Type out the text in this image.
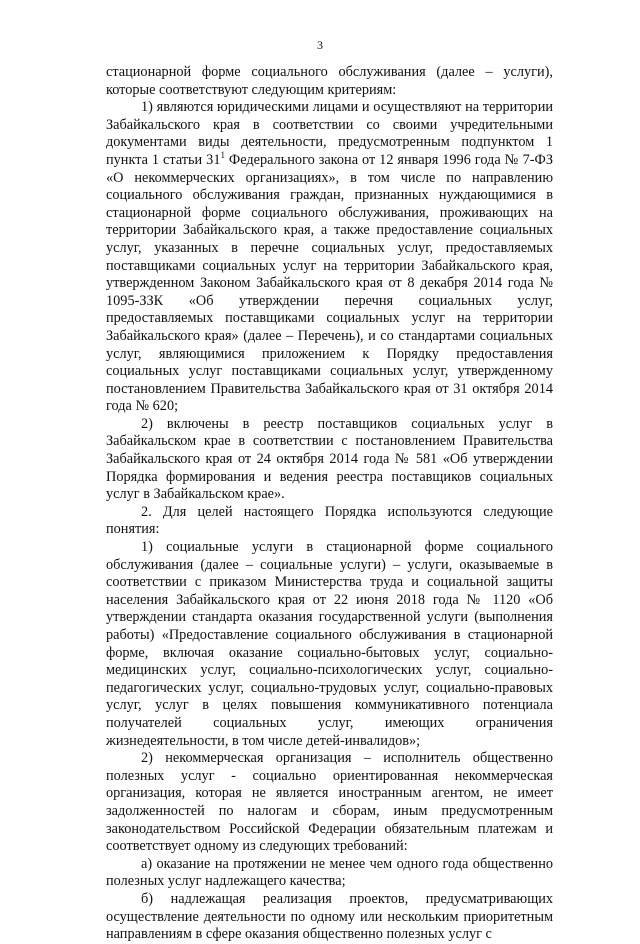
3

стационарной форме социального обслуживания (далее – услуги), которые соответствуют следующим критериям:

1) являются юридическими лицами и осуществляют на территории Забайкальского края в соответствии со своими учредительными документами виды деятельности, предусмотренным подпунктом 1 пункта 1 статьи $31^1$ Федерального закона от 12 января 1996 года № 7-ФЗ «О некоммерческих организациях», в том числе по направлению социального обслуживания граждан, признанных нуждающимися в стационарной форме социального обслуживания, проживающих на территории Забайкальского края, а также предоставление социальных услуг, указанных в перечне социальных услуг, предоставляемых поставщиками социальных услуг на территории Забайкальского края, утвержденном Законом Забайкальского края от 8 декабря 2014 года № 1095-ЗЗК «Об утверждении перечня социальных услуг, предоставляемых поставщиками социальных услуг на территории Забайкальского края» (далее – Перечень), и со стандартами социальных услуг, являющимися приложением к Порядку предоставления социальных услуг поставщиками социальных услуг, утвержденному постановлением Правительства Забайкальского края от 31 октября 2014 года № 620;

2) включены в реестр поставщиков социальных услуг в Забайкальском крае в соответствии с постановлением Правительства Забайкальского края от 24 октября 2014 года № 581 «Об утверждении Порядка формирования и ведения реестра поставщиков социальных услуг в Забайкальском крае».

2. Для целей настоящего Порядка используются следующие понятия:

1) социальные услуги в стационарной форме социального обслуживания (далее – социальные услуги) – услуги, оказываемые в соответствии с приказом Министерства труда и социальной защиты населения Забайкальского края от 22 июня 2018 года № 1120 «Об утверждении стандарта оказания государственной услуги (выполнения работы) «Предоставление социального обслуживания в стационарной форме, включая оказание социально-бытовых услуг, социально-медицинских услуг, социально-психологических услуг, социально-педагогических услуг, социально-трудовых услуг, социально-правовых услуг, услуг в целях повышения коммуникативного потенциала получателей социальных услуг, имеющих ограничения жизнедеятельности, в том числе детей-инвалидов»;

2) некоммерческая организация – исполнитель общественно полезных услуг - социально ориентированная некоммерческая организация, которая не является иностранным агентом, не имеет задолженностей по налогам и сборам, иным предусмотренным законодательством Российской Федерации обязательным платежам и соответствует одному из следующих требований:

а) оказание на протяжении не менее чем одного года общественно полезных услуг надлежащего качества;

б) надлежащая реализация проектов, предусматривающих осуществление деятельности по одному или нескольким приоритетным направлениям в сфере оказания общественно полезных услуг с
